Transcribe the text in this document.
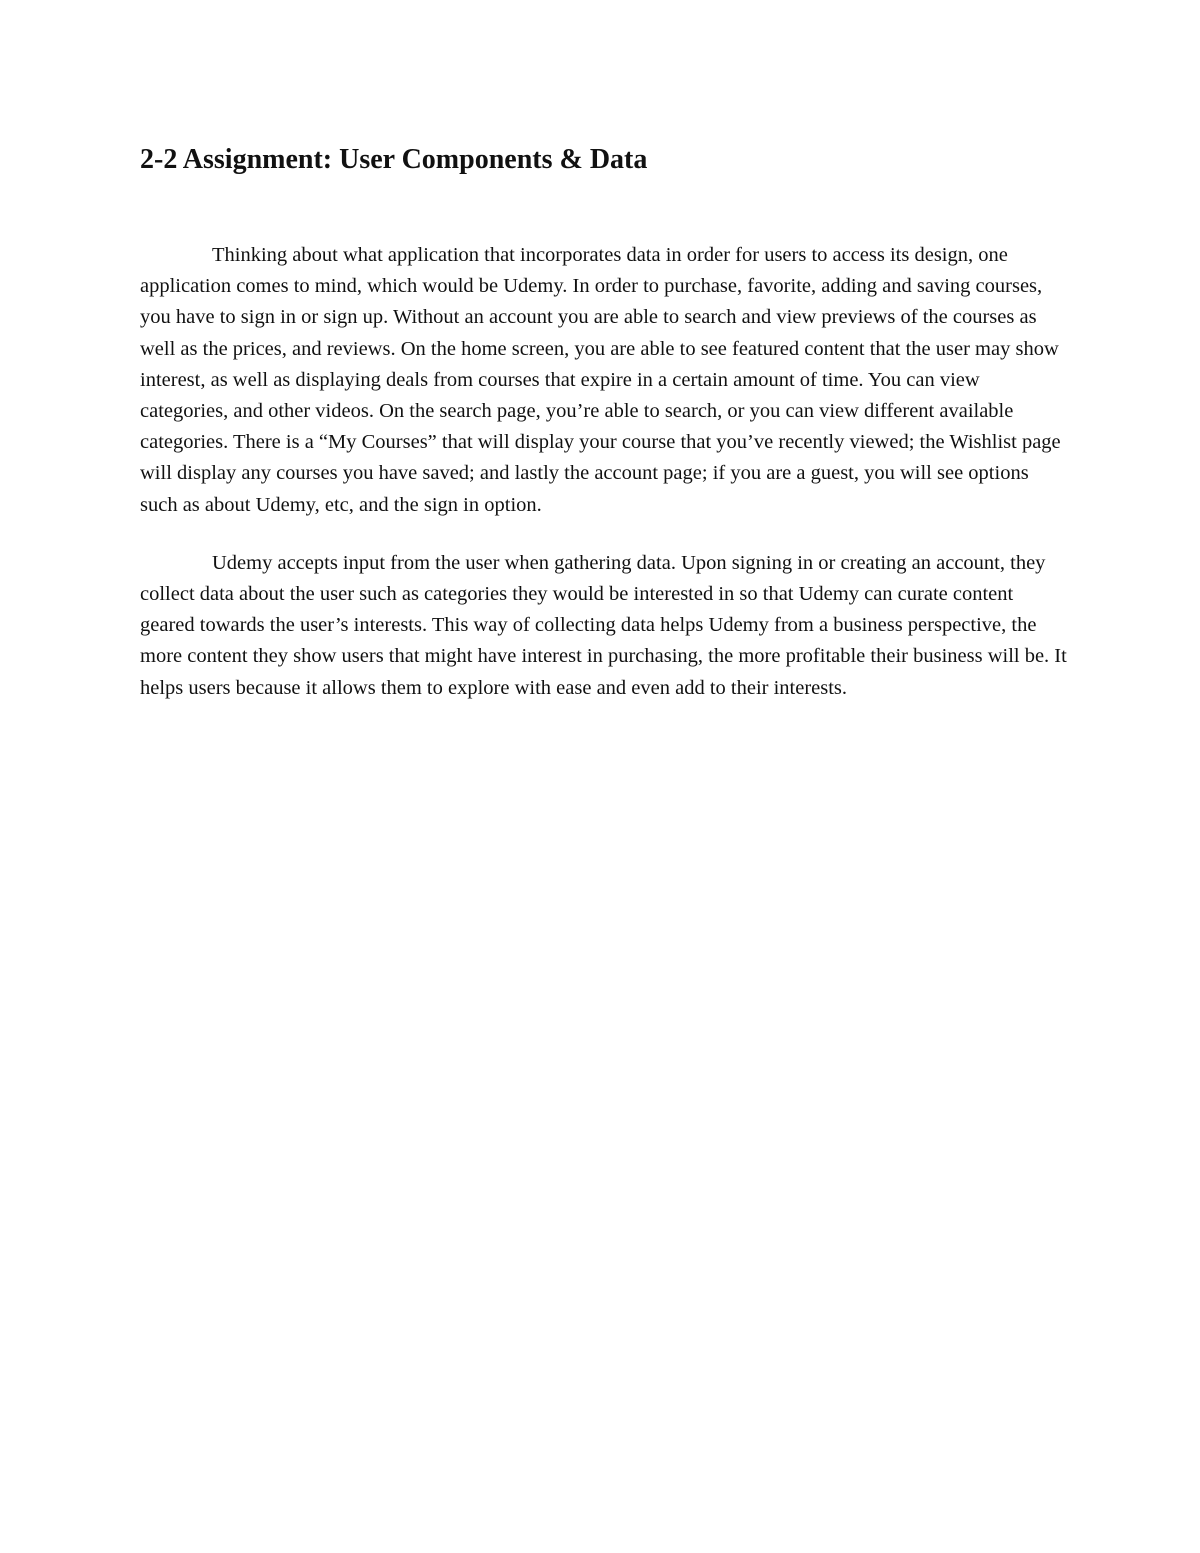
2-2 Assignment: User Components & Data

Thinking about what application that incorporates data in order for users to access its design, one application comes to mind, which would be Udemy. In order to purchase, favorite, adding and saving courses, you have to sign in or sign up. Without an account you are able to search and view previews of the courses as well as the prices, and reviews. On the home screen, you are able to see featured content that the user may show interest, as well as displaying deals from courses that expire in a certain amount of time. You can view categories, and other videos. On the search page, you’re able to search, or you can view different available categories. There is a “My Courses” that will display your course that you’ve recently viewed; the Wishlist page will display any courses you have saved; and lastly the account page; if you are a guest, you will see options such as about Udemy, etc, and the sign in option.

Udemy accepts input from the user when gathering data. Upon signing in or creating an account, they collect data about the user such as categories they would be interested in so that Udemy can curate content geared towards the user’s interests. This way of collecting data helps Udemy from a business perspective, the more content they show users that might have interest in purchasing, the more profitable their business will be. It helps users because it allows them to explore with ease and even add to their interests.
